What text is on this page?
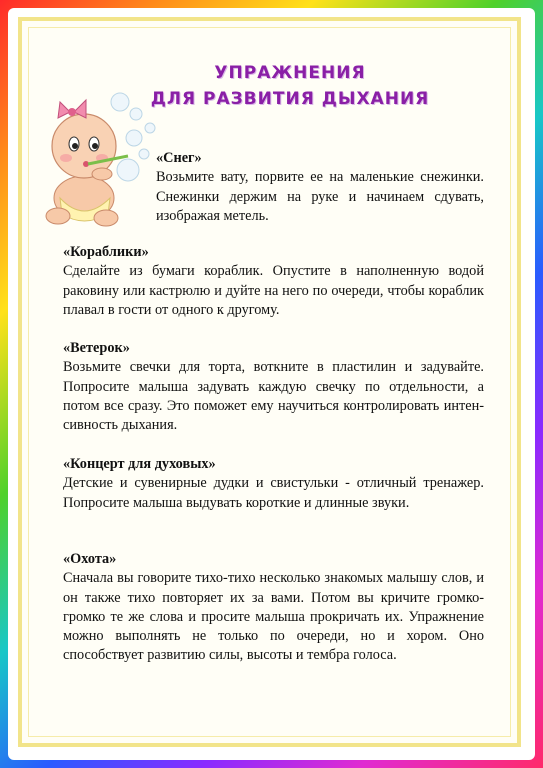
УПРАЖНЕНИЯ
ДЛЯ РАЗВИТИЯ ДЫХАНИЯ
«Снег»

Возьмите вату, порвите ее на маленькие снежинки. Снежинки держим на руке и начинаем сдувать, изображая метель.

«Кораблики»

Сделайте из бумаги кораблик. Опустите в наполненную водой раковину или кастрюлю и дуйте на него по очереди, чтобы кораблик плавал в гости от одного к другому.

«Ветерок»

Возьмите свечки для торта, воткните в пластилин и задувайте. Попросите малыша задувать каждую свечку по отдельности, а потом все сразу. Это поможет ему научиться контролировать интен-сивность дыхания.

«Концерт для духовых»

Детские и сувенирные дудки и свистульки - отличный тренажер. Попросите малыша выдувать короткие и длинные звуки.

«Охота»

Сначала вы говорите тихо-тихо несколько знакомых малышу слов, и он также тихо повторяет их за вами. Потом вы кричите громко-громко те же слова и просите малыша прокричать их. Упражнение можно выполнять не только по очереди, но и хором. Оно способствует развитию силы, высоты и тембра голоса.
